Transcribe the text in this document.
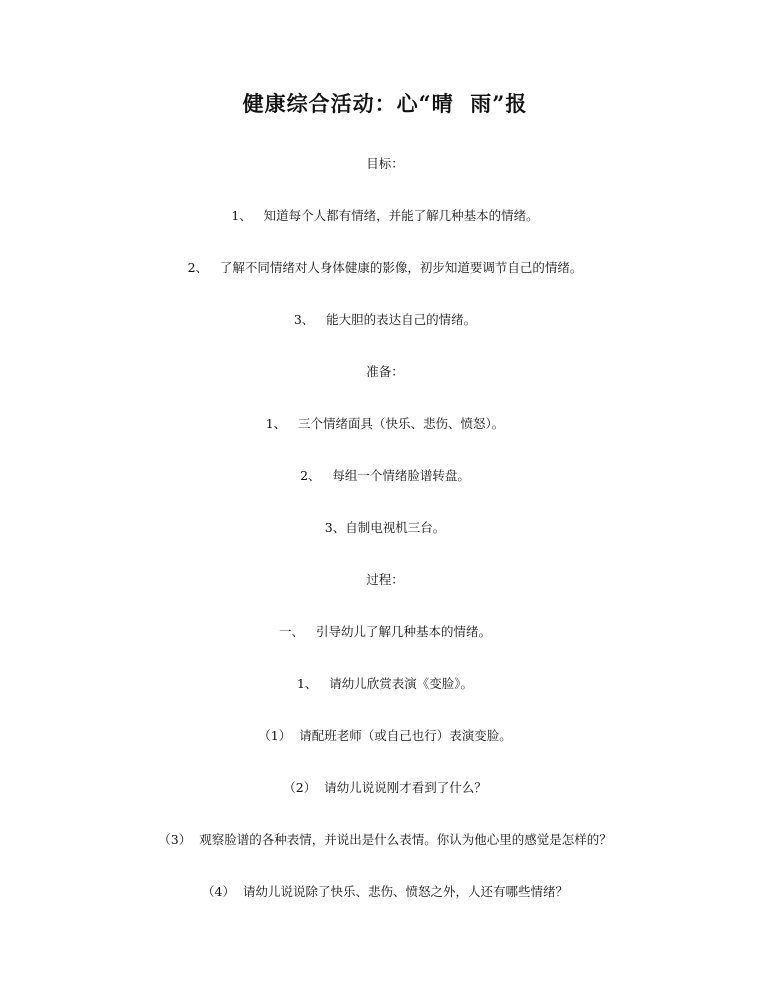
健康综合活动：心“晴  雨”报
目标：
1、   知道每个人都有情绪，并能了解几种基本的情绪。
2、   了解不同情绪对人身体健康的影像，初步知道要调节自己的情绪。
3、   能大胆的表达自己的情绪。
准备：
1、   三个情绪面具（快乐、悲伤、愤怒）。
2、   每组一个情绪脸谱转盘。
3、自制电视机三台。
过程：
一、   引导幼儿了解几种基本的情绪。
1、   请幼儿欣赏表演《变脸》。
（1）  请配班老师（或自己也行）表演变脸。
（2）  请幼儿说说刚才看到了什么？
（3）  观察脸谱的各种表情，并说出是什么表情。你认为他心里的感觉是怎样的？
（4）  请幼儿说说除了快乐、悲伤、愤怒之外，人还有哪些情绪？
